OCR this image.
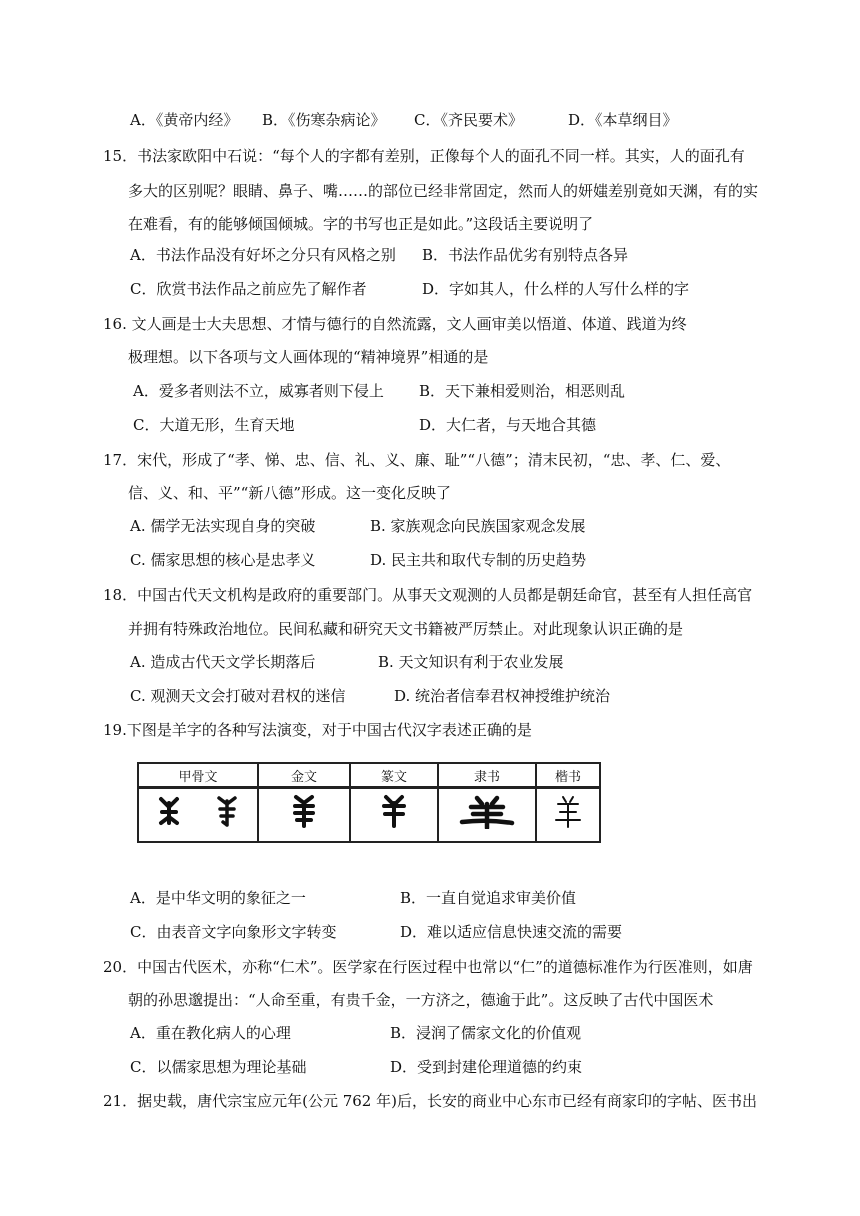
A．《黄帝内经》 B．《伤寒杂病论》 C．《齐民要术》	D．《本草纲目》
15．书法家欧阳中石说：“每个人的字都有差别，正像每个人的面孔不同一样。其实，人的面孔有
多大的区别呢？眼睛、鼻子、嘴……的部位已经非常固定，然而人的妍媸差别竟如天渊，有的实
在难看，有的能够倾国倾城。字的书写也正是如此。”这段话主要说明了
A．书法作品没有好坏之分只有风格之别 B．书法作品优劣有别特点各异
C．欣赏书法作品之前应先了解作者	D．字如其人，什么样的人写什么样的字
16. 文人画是士大夫思想、才情与德行的自然流露，文人画审美以悟道、体道、践道为终
极理想。以下各项与文人画体现的“精神境界”相通的是
A．爱多者则法不立，威寡者则下侵上 B．天下兼相爱则治，相恶则乱
C．大道无形，生育天地	D．大仁者，与天地合其德
17．宋代，形成了“孝、悌、忠、信、礼、义、廉、耻”“八德”；清末民初，“忠、孝、仁、爱、
信、义、和、平”“新八德”形成。这一变化反映了
A. 儒学无法实现自身的突破	B. 家族观念向民族国家观念发展
C. 儒家思想的核心是忠孝义	D. 民主共和取代专制的历史趋势
18．中国古代天文机构是政府的重要部门。从事天文观测的人员都是朝廷命官，甚至有人担任高官
并拥有特殊政治地位。民间私藏和研究天文书籍被严厉禁止。对此现象认识正确的是
A. 造成古代天文学长期落后	B. 天文知识有利于农业发展
C. 观测天文会打破对君权的迷信	D. 统治者信奉君权神授维护统治
19.下图是羊字的各种写法演变，对于中国古代汉字表述正确的是
甲骨文	金文	篆文	隶书	楷书

A．是中华文明的象征之一	B．一直自觉追求审美价值
C．由表音文字向象形文字转变	D．难以适应信息快速交流的需要
20．中国古代医术，亦称“仁术”。医学家在行医过程中也常以“仁”的道德标准作为行医准则，如唐
朝的孙思邈提出：“人命至重，有贵千金，一方济之，德逾于此”。这反映了古代中国医术
A．重在教化病人的心理	B．浸润了儒家文化的价值观
C．以儒家思想为理论基础	D．受到封建伦理道德的约束
21．据史载，唐代宗宝应元年(公元 762 年)后，长安的商业中心东市已经有商家印的字帖、医书出
